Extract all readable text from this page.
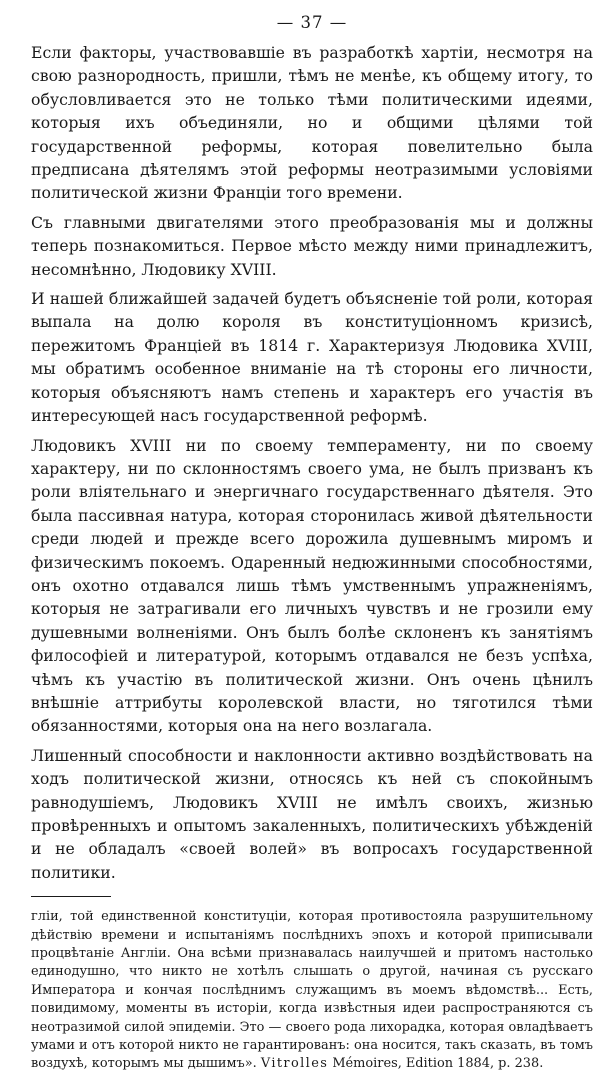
— 37 —

Если факторы, участвовавшіе въ разработкѣ хартіи, несмотря на свою разнородность, пришли, тѣмъ не менѣе, къ общему итогу, то обусловливается это не только тѣми политическими идеями, которыя ихъ объединяли, но и общими цѣлями той государственной реформы, которая повелительно была предписана дѣятелямъ этой реформы неотразимыми условіями политической жизни Франціи того времени.

Съ главными двигателями этого преобразованія мы и должны теперь познакомиться. Первое мѣсто между ними принадлежитъ, несомнѣнно, Людовику XVIII.

И нашей ближайшей задачей будетъ объясненіе той роли, которая выпала на долю короля въ конституціонномъ кризисѣ, пережитомъ Франціей въ 1814 г. Характеризуя Людовика XVIII, мы обратимъ особенное вниманіе на тѣ стороны его личности, которыя объясняютъ намъ степень и характеръ его участія въ интересующей насъ государственной реформѣ.

Людовикъ XVIII ни по своему темпераменту, ни по своему характеру, ни по склонностямъ своего ума, не былъ призванъ къ роли вліятельнаго и энергичнаго государственнаго дѣятеля. Это была пассивная натура, которая сторонилась живой дѣятельности среди людей и прежде всего дорожила душевнымъ миромъ и физическимъ покоемъ. Одаренный недюжинными способностями, онъ охотно отдавался лишь тѣмъ умственнымъ упражненіямъ, которыя не затрагивали его личныхъ чувствъ и не грозили ему душевными волненіями. Онъ былъ болѣе склоненъ къ занятіямъ философіей и литературой, которымъ отдавался не безъ успѣха, чѣмъ къ участію въ политической жизни. Онъ очень цѣнилъ внѣшніе аттрибуты королевской власти, но тяготился тѣми обязанностями, которыя она на него возлагала.

Лишенный способности и наклонности активно воздѣйствовать на ходъ политической жизни, относясь къ ней съ спокойнымъ равнодушіемъ, Людовикъ XVIII не имѣлъ своихъ, жизнью провѣренныхъ и опытомъ закаленныхъ, политическихъ убѣжденій и не обладалъ «своей волей» въ вопросахъ государственной политики.

гліи, той единственной конституціи, которая противостояла разрушительному дѣйствію времени и испытаніямъ послѣднихъ эпохъ и которой приписывали процвѣтаніе Англіи. Она всѣми признавалась наилучшей и притомъ настолько единодушно, что никто не хотѣлъ слышать о другой, начиная съ русскаго Императора и кончая послѣднимъ служащимъ въ моемъ вѣдомствѣ... Есть, повидимому, моменты въ исторіи, когда извѣстныя идеи распространяются съ неотразимой силой эпидеміи. Это — своего рода лихорадка, которая овладѣваетъ умами и отъ которой никто не гарантированъ: она носится, такъ сказать, въ томъ воздухѣ, которымъ мы дышимъ». Vitrolles Mémoires, Edition 1884, p. 238.
